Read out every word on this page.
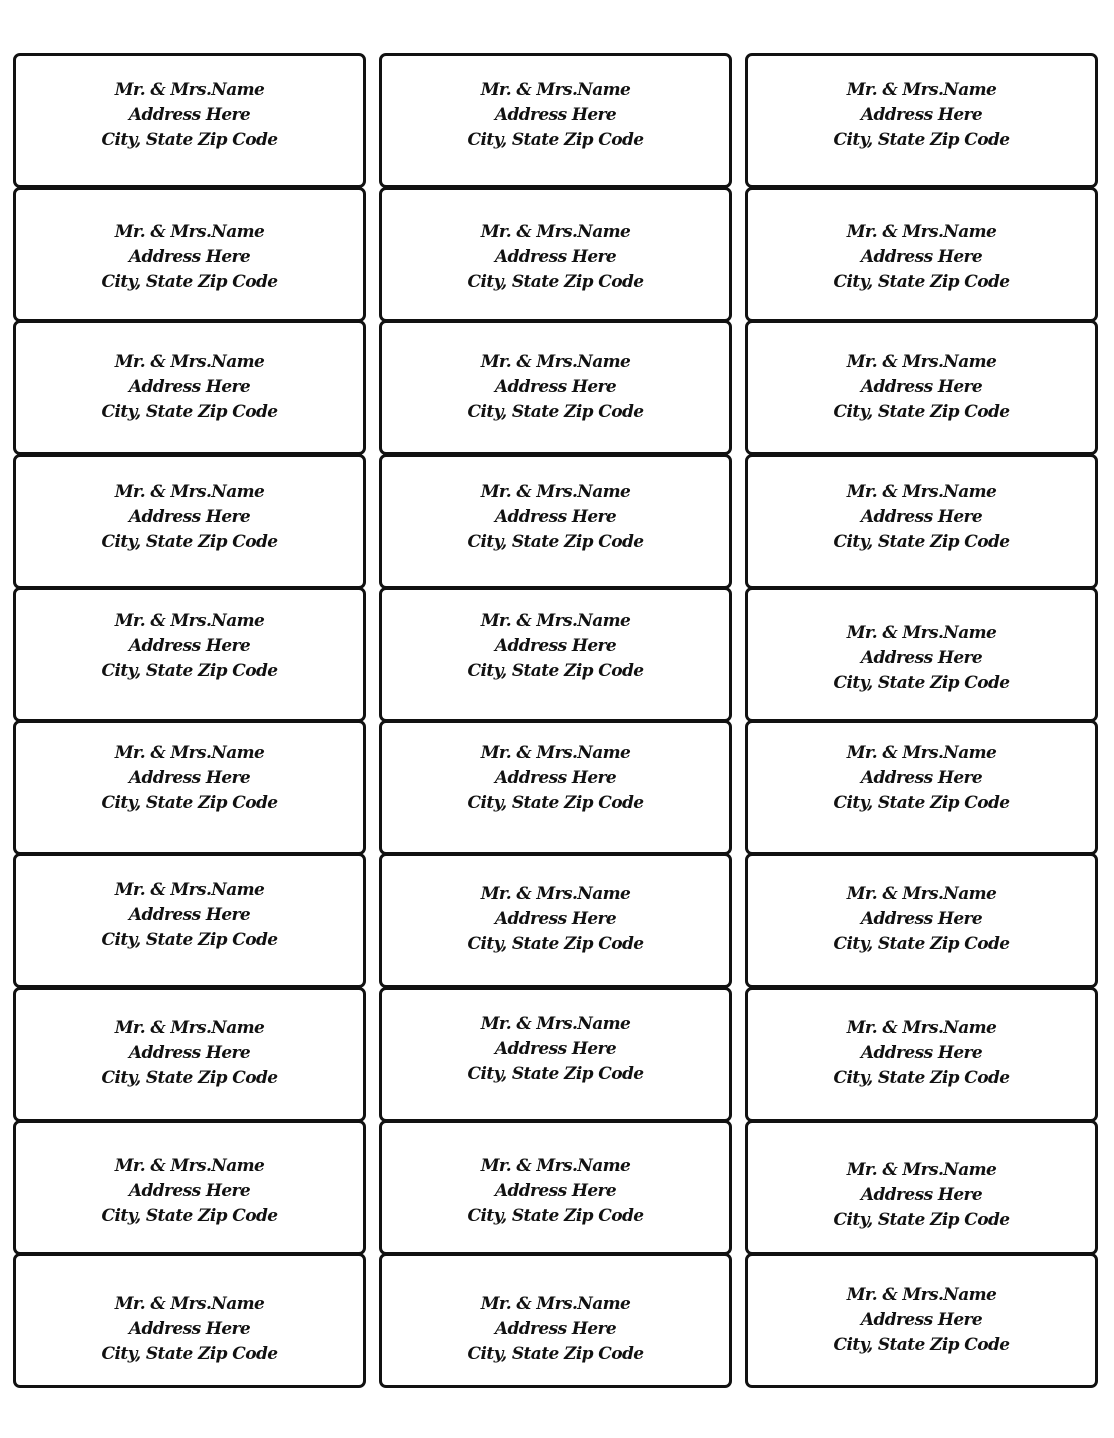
Mr. & Mrs.Name
Address Here
City, State Zip Code
Mr. & Mrs.Name
Address Here
City, State Zip Code
Mr. & Mrs.Name
Address Here
City, State Zip Code
Mr. & Mrs.Name
Address Here
City, State Zip Code
Mr. & Mrs.Name
Address Here
City, State Zip Code
Mr. & Mrs.Name
Address Here
City, State Zip Code
Mr. & Mrs.Name
Address Here
City, State Zip Code
Mr. & Mrs.Name
Address Here
City, State Zip Code
Mr. & Mrs.Name
Address Here
City, State Zip Code
Mr. & Mrs.Name
Address Here
City, State Zip Code
Mr. & Mrs.Name
Address Here
City, State Zip Code
Mr. & Mrs.Name
Address Here
City, State Zip Code
Mr. & Mrs.Name
Address Here
City, State Zip Code
Mr. & Mrs.Name
Address Here
City, State Zip Code
Mr. & Mrs.Name
Address Here
City, State Zip Code
Mr. & Mrs.Name
Address Here
City, State Zip Code
Mr. & Mrs.Name
Address Here
City, State Zip Code
Mr. & Mrs.Name
Address Here
City, State Zip Code
Mr. & Mrs.Name
Address Here
City, State Zip Code
Mr. & Mrs.Name
Address Here
City, State Zip Code
Mr. & Mrs.Name
Address Here
City, State Zip Code
Mr. & Mrs.Name
Address Here
City, State Zip Code
Mr. & Mrs.Name
Address Here
City, State Zip Code
Mr. & Mrs.Name
Address Here
City, State Zip Code
Mr. & Mrs.Name
Address Here
City, State Zip Code
Mr. & Mrs.Name
Address Here
City, State Zip Code
Mr. & Mrs.Name
Address Here
City, State Zip Code
Mr. & Mrs.Name
Address Here
City, State Zip Code
Mr. & Mrs.Name
Address Here
City, State Zip Code
Mr. & Mrs.Name
Address Here
City, State Zip Code
